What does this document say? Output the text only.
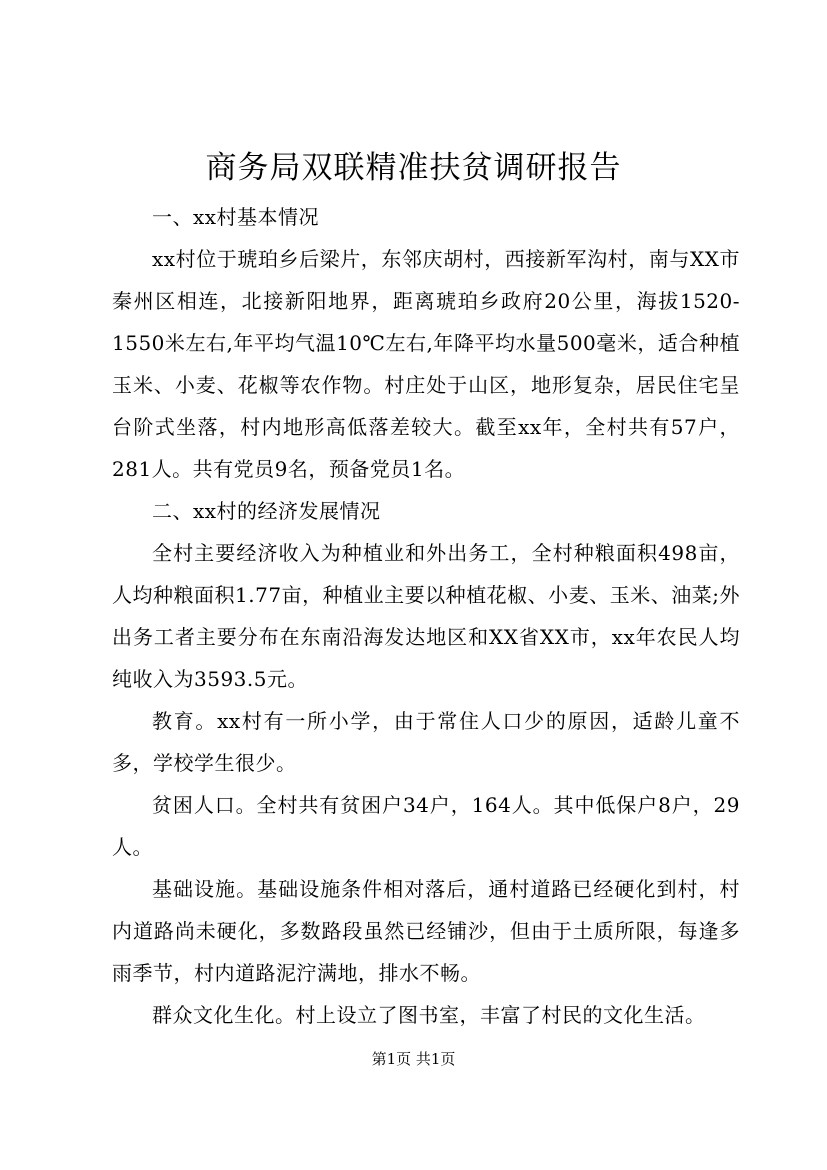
商务局双联精准扶贫调研报告

一、xx村基本情况

xx村位于琥珀乡后梁片，东邻庆胡村，西接新军沟村，南与XX市秦州区相连，北接新阳地界，距离琥珀乡政府20公里，海拔1520-1550米左右,年平均气温10℃左右,年降平均水量500毫米，适合种植玉米、小麦、花椒等农作物。村庄处于山区，地形复杂，居民住宅呈台阶式坐落，村内地形高低落差较大。截至xx年，全村共有57户，281人。共有党员9名，预备党员1名。

二、xx村的经济发展情况

全村主要经济收入为种植业和外出务工，全村种粮面积498亩，人均种粮面积1.77亩，种植业主要以种植花椒、小麦、玉米、油菜;外出务工者主要分布在东南沿海发达地区和XX省XX市，xx年农民人均纯收入为3593.5元。

教育。xx村有一所小学，由于常住人口少的原因，适龄儿童不多，学校学生很少。

贫困人口。全村共有贫困户34户，164人。其中低保户8户，29人。

基础设施。基础设施条件相对落后，通村道路已经硬化到村，村内道路尚未硬化，多数路段虽然已经铺沙，但由于土质所限，每逢多雨季节，村内道路泥泞满地，排水不畅。

群众文化生化。村上设立了图书室，丰富了村民的文化生活。

第1页 共1页
